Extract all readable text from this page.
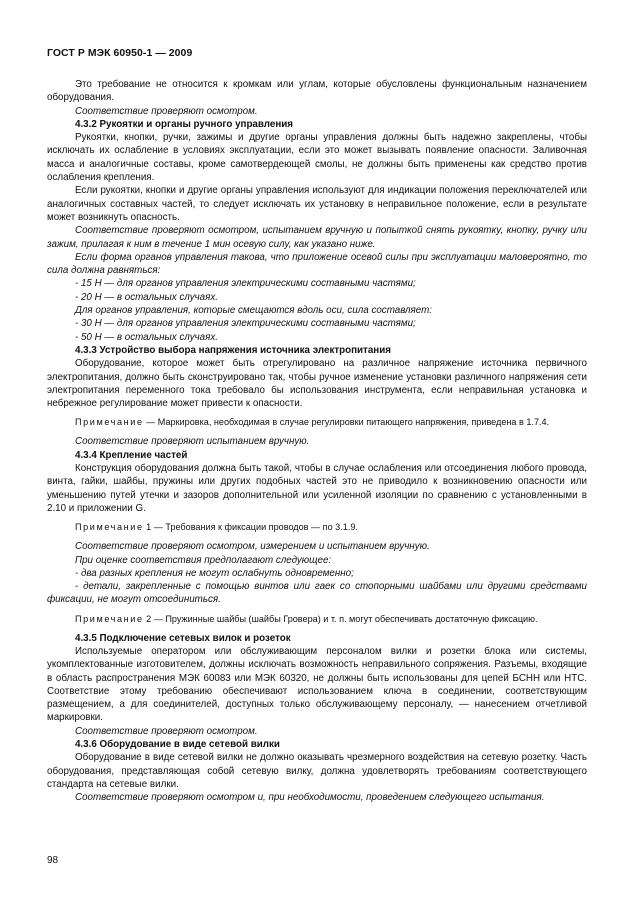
ГОСТ Р МЭК 60950-1 — 2009

Это требование не относится к кромкам или углам, которые обусловлены функциональным назначением оборудования.

Соответствие проверяют осмотром.

4.3.2 Рукоятки и органы ручного управления

Рукоятки, кнопки, ручки, зажимы и другие органы управления должны быть надежно закреплены, чтобы исключать их ослабление в условиях эксплуатации, если это может вызывать появление опасности. Заливочная масса и аналогичные составы, кроме самотвердеющей смолы, не должны быть применены как средство против ослабления крепления.

Если рукоятки, кнопки и другие органы управления используют для индикации положения переключателей или аналогичных составных частей, то следует исключать их установку в неправильное положение, если в результате может возникнуть опасность.

Соответствие проверяют осмотром, испытанием вручную и попыткой снять рукоятку, кнопку, ручку или зажим, прилагая к ним в течение 1 мин осевую силу, как указано ниже.

Если форма органов управления такова, что приложение осевой силы при эксплуатации маловероятно, то сила должна равняться:

- 15 Н — для органов управления электрическими составными частями;

- 20 Н — в остальных случаях.

Для органов управления, которые смещаются вдоль оси, сила составляет:

- 30 Н — для органов управления электрическими составными частями;

- 50 Н — в остальных случаях.

4.3.3 Устройство выбора напряжения источника электропитания

Оборудование, которое может быть отрегулировано на различное напряжение источника первичного электропитания, должно быть сконструировано так, чтобы ручное изменение установки различного напряжения сети электропитания переменного тока требовало бы использования инструмента, если неправильная установка и небрежное регулирование может привести к опасности.

Примечание — Маркировка, необходимая в случае регулировки питающего напряжения, приведена в 1.7.4.

Соответствие проверяют испытанием вручную.

4.3.4 Крепление частей

Конструкция оборудования должна быть такой, чтобы в случае ослабления или отсоединения любого провода, винта, гайки, шайбы, пружины или других подобных частей это не приводило к возникновению опасности или уменьшению путей утечки и зазоров дополнительной или усиленной изоляции по сравнению с установленными в 2.10 и приложении G.

Примечание 1 — Требования к фиксации проводов — по 3.1.9.

Соответствие проверяют осмотром, измерением и испытанием вручную.

При оценке соответствия предполагают следующее:

- два разных крепления не могут ослабнуть одновременно;

- детали, закрепленные с помощью винтов или гаек со стопорными шайбами или другими средствами фиксации, не могут отсоединиться.

Примечание 2 — Пружинные шайбы (шайбы Гровера) и т. п. могут обеспечивать достаточную фиксацию.

4.3.5 Подключение сетевых вилок и розеток

Используемые оператором или обслуживающим персоналом вилки и розетки блока или системы, укомплектованные изготовителем, должны исключать возможность неправильного сопряжения. Разъемы, входящие в область распространения МЭК 60083 или МЭК 60320, не должны быть использованы для цепей БСНН или НТС. Соответствие этому требованию обеспечивают использованием ключа в соединении, соответствующим размещением, а для соединителей, доступных только обслуживающему персоналу, — нанесением отчетливой маркировки.

Соответствие проверяют осмотром.

4.3.6 Оборудование в виде сетевой вилки

Оборудование в виде сетевой вилки не должно оказывать чрезмерного воздействия на сетевую розетку. Часть оборудования, представляющая собой сетевую вилку, должна удовлетворять требованиям соответствующего стандарта на сетевые вилки.

Соответствие проверяют осмотром и, при необходимости, проведением следующего испытания.

98
